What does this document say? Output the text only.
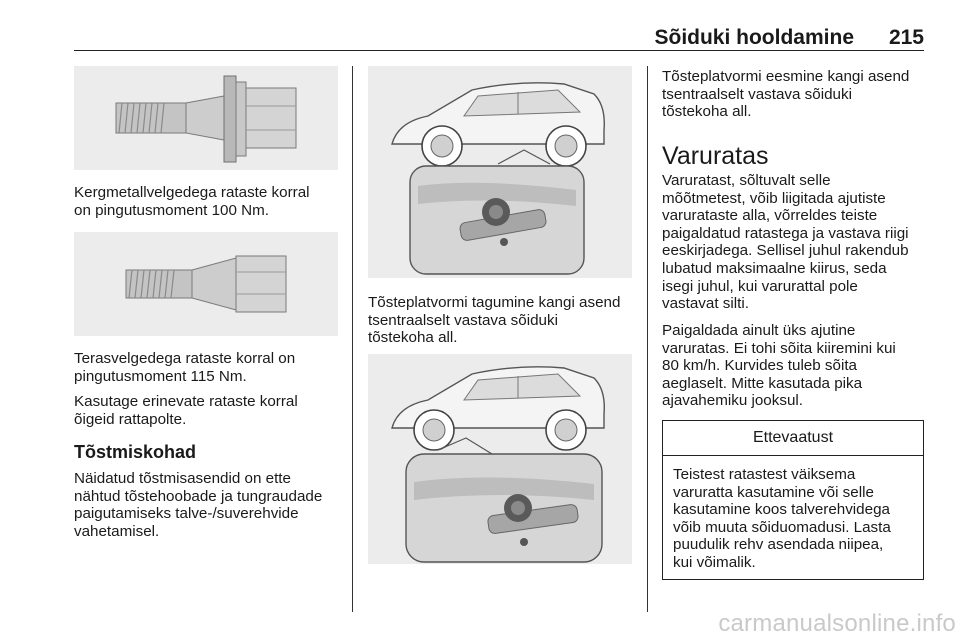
Sõiduki hooldamine 215
Kergmetallvelgedega rataste korral
on pingutusmoment 100 Nm.
Terasvelgedega rataste korral on
pingutusmoment 115 Nm.
Kasutage erinevate rataste korral
õigeid rattapolte.
Tõstmiskohad
Näidatud tõstmisasendid on ette
nähtud tõstehoobade ja tungraudade
paigutamiseks talve-/suverehvide
vahetamisel.
Tõsteplatvormi tagumine kangi asend
tsentraalselt vastava sõiduki
tõstekoha all.
Tõsteplatvormi eesmine kangi asend
tsentraalselt vastava sõiduki
tõstekoha all.
Varuratas
Varuratast, sõltuvalt selle
mõõtmetest, võib liigitada ajutiste
varurataste alla, võrreldes teiste
paigaldatud ratastega ja vastava riigi
eeskirjadega. Sellisel juhul rakendub
lubatud maksimaalne kiirus, seda
isegi juhul, kui varurattal pole
vastavat silti.
Paigaldada ainult üks ajutine
varuratas. Ei tohi sõita kiiremini kui
80 km/h. Kurvides tuleb sõita
aeglaselt. Mitte kasutada pika
ajavahemiku jooksul.
Ettevaatust
Teistest ratastest väiksema
varuratta kasutamine või selle
kasutamine koos talverehvidega
võib muuta sõiduomadusi. Lasta
puudulik rehv asendada niipea,
kui võimalik.
carmanualsonline.info
